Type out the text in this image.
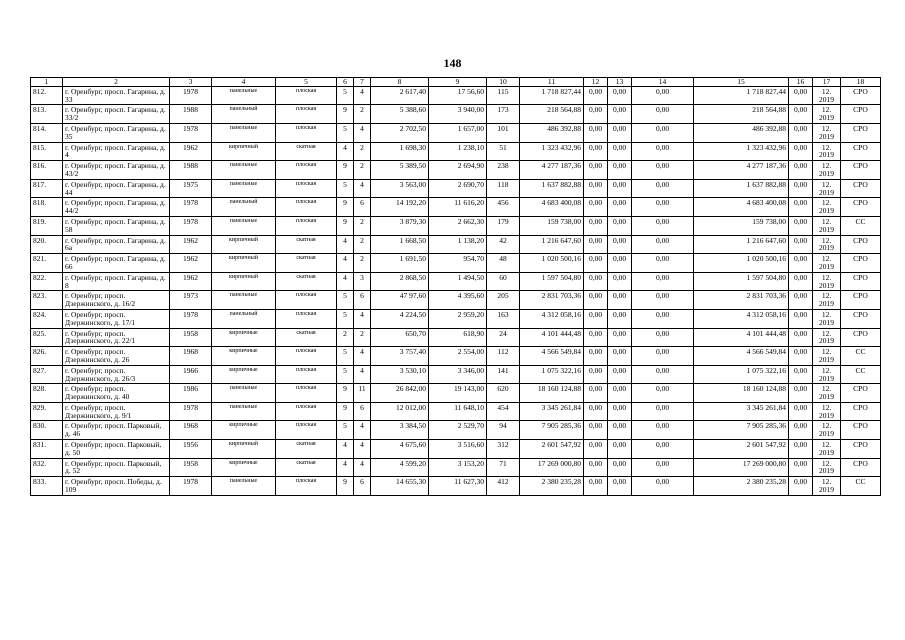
148
1	2	3	4	5	6	7	8	9	10	11	12	13	14	15	16	17	18
812.	г. Оренбург, просп. Гагарина, д. 33	1978	панельные	плоская	5	4	2 617,40	17 56,60	115	1 718 827,44	0,00	0,00	0,00	1 718 827,44	0,00	12. 2019	СРО
813.	г. Оренбург, просп. Гагарина, д. 33/2	1988	панельный	плоская	9	2	5 388,60	3 940,00	173	218 564,88	0,00	0,00	0,00	218 564,88	0,00	12. 2019	СРО
814.	г. Оренбург, просп. Гагарина, д. 35	1978	панельные	плоская	5	4	2 702,50	1 657,00	101	486 392,88	0,00	0,00	0,00	486 392,88	0,00	12. 2019	СРО
815.	г. Оренбург, просп. Гагарина, д. 4	1962	кирпичный	скатная	4	2	1 698,30	1 238,10	51	1 323 432,96	0,00	0,00	0,00	1 323 432,96	0,00	12. 2019	СРО
816.	г. Оренбург, просп. Гагарина, д. 43/2	1988	панельные	плоская	9	2	5 389,50	2 694,90	238	4 277 187,36	0,00	0,00	0,00	4 277 187,36	0,00	12. 2019	СРО
817.	г. Оренбург, просп. Гагарина, д. 44	1975	панельные	плоская	5	4	3 563,00	2 690,70	118	1 637 882,88	0,00	0,00	0,00	1 637 882,88	0,00	12. 2019	СРО
818.	г. Оренбург, просп. Гагарина, д. 44/2	1978	панельный	плоская	9	6	14 192,20	11 616,20	456	4 683 400,08	0,00	0,00	0,00	4 683 400,08	0,00	12. 2019	СРО
819.	г. Оренбург, просп. Гагарина, д. 58	1978	панельные	плоская	9	2	3 879,30	2 662,30	179	159 738,00	0,00	0,00	0,00	159 738,00	0,00	12. 2019	СС
820.	г. Оренбург, просп. Гагарина, д. 6а	1962	кирпичный	скатная	4	2	1 668,50	1 138,20	42	1 216 647,60	0,00	0,00	0,00	1 216 647,60	0,00	12. 2019	СРО
821.	г. Оренбург, просп. Гагарина, д. 66	1962	кирпичный	скатная	4	2	1 691,50	954,70	48	1 020 500,16	0,00	0,00	0,00	1 020 500,16	0,00	12. 2019	СРО
822.	г. Оренбург, просп. Гагарина, д. 8	1962	кирпичный	скатная	4	3	2 868,50	1 494,50	60	1 597 504,80	0,00	0,00	0,00	1 597 504,80	0,00	12. 2019	СРО
823.	г. Оренбург, просп. Дзержинского, д. 16/2	1973	панельные	плоская	5	6	47 97,60	4 395,60	205	2 831 703,36	0,00	0,00	0,00	2 831 703,36	0,00	12. 2019	СРО
824.	г. Оренбург, просп. Дзержинского, д. 17/1	1978	панельный	плоская	5	4	4 224,50	2 959,20	163	4 312 058,16	0,00	0,00	0,00	4 312 058,16	0,00	12. 2019	СРО
825.	г. Оренбург, просп. Дзержинского, д. 22/1	1958	кирпичные	скатная	2	2	650,70	618,90	24	4 101 444,48	0,00	0,00	0,00	4 101 444,48	0,00	12. 2019	СРО
826.	г. Оренбург, просп. Дзержинского, д. 26	1968	кирпичные	плоская	5	4	3 757,40	2 554,00	112	4 566 549,84	0,00	0,00	0,00	4 566 549,84	0,00	12. 2019	СС
827.	г. Оренбург, просп. Дзержинского, д. 26/3	1966	кирпичные	плоская	5	4	3 530,10	3 346,00	141	1 075 322,16	0,00	0,00	0,00	1 075 322,16	0,00	12. 2019	СС
828.	г. Оренбург, просп. Дзержинского, д. 40	1986	панельные	плоская	9	11	26 842,00	19 143,00	620	18 160 124,88	0,00	0,00	0,00	18 160 124,88	0,00	12. 2019	СРО
829.	г. Оренбург, просп. Дзержинского, д. 9/1	1978	панельные	плоская	9	6	12 012,00	11 648,10	454	3 345 261,84	0,00	0,00	0,00	3 345 261,84	0,00	12. 2019	СРО
830.	г. Оренбург, просп. Парковый, д. 46	1968	кирпичные	плоская	5	4	3 384,50	2 529,70	94	7 905 285,36	0,00	0,00	0,00	7 905 285,36	0,00	12. 2019	СРО
831.	г. Оренбург, просп. Парковый, д. 50	1956	кирпичный	скатная	4	4	4 675,60	3 516,60	312	2 601 547,92	0,00	0,00	0,00	2 601 547,92	0,00	12. 2019	СРО
832.	г. Оренбург, просп. Парковый, д. 52	1958	кирпичные	скатная	4	4	4 599,20	3 153,20	71	17 269 000,80	0,00	0,00	0,00	17 269 000,80	0,00	12. 2019	СРО
833.	г. Оренбург, просп. Победы, д. 109	1978	панельные	плоская	9	6	14 655,30	11 627,30	412	2 380 235,28	0,00	0,00	0,00	2 380 235,28	0,00	12. 2019	СС
